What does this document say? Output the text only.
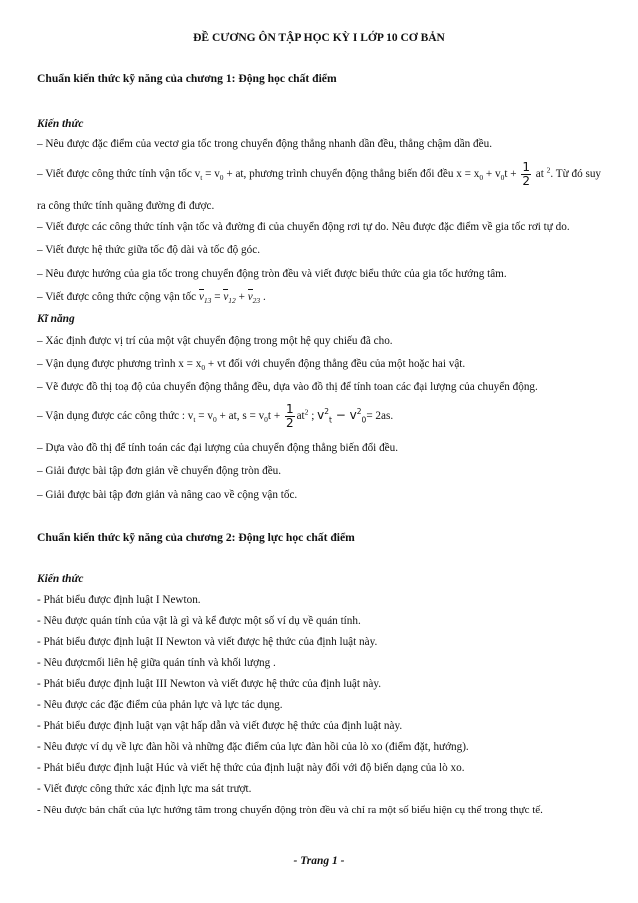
ĐỀ CƯƠNG ÔN TẬP HỌC KỲ I LỚP 10 CƠ BẢN
Chuẩn kiến thức kỹ năng của chương 1: Động học chất điểm
Kiến thức
– Nêu được đặc điểm của vectơ gia tốc trong chuyển động thẳng nhanh dần đều, thẳng chậm dần đều.
– Viết được công thức tính vận tốc $v_t = v_0$ + at, phương trình chuyển động thẳng biến đổi đều $x = x_0 + v_0t + \frac{1}{2}$ at $^2$. Từ đó suy
ra công thức tính quãng đường đi được.
– Viết được các công thức tính vận tốc và đường đi của chuyển động rơi tự do. Nêu được đặc điểm về gia tốc rơi tự do.
– Viết được hệ thức giữa tốc độ dài và tốc độ góc.
– Nêu được hướng của gia tốc trong chuyển động tròn đều và viết được biểu thức của gia tốc hướng tâm.
– Viết được công thức cộng vận tốc $v_{13} = v_{12} + v_{23}$ .
Kĩ năng
– Xác định được vị trí của một vật chuyển động trong một hệ quy chiếu đã cho.
– Vận dụng được phương trình $x = x_0$ + vt đối với chuyển động thẳng đều của một hoặc hai vật.
– Vẽ được đồ thị toạ độ của chuyển động thẳng đều, dựa vào đồ thị để tính toan các đại lượng của chuyển động.
– Vận dụng được các công thức : $v_t = v_0$ + at, $s = v_0t + \frac{1}{2} at^2$ ; $v^2_t - v^2_0= 2as$.
– Dựa vào đồ thị để tính toán các đại lượng của chuyển động thẳng biến đổi đều.
– Giải được bài tập đơn giản về chuyển động tròn đều.
– Giải được bài tập đơn giản và nâng cao về cộng vận tốc.
Chuẩn kiến thức kỹ năng của chương 2: Động lực học chất điểm
Kiến thức
- Phát biểu được định luật I Newton.
- Nêu được quán tính của vật là gì và kể được một số ví dụ về quán tính.
- Phát biểu được định luật II Newton và viết được hệ thức của định luật này.
- Nêu đượcmối liên hệ giữa quán tính và khối lượng .
- Phát biểu được định luật III Newton và viết được hệ thức của định luật này.
- Nêu được các đặc điểm của phản lực và lực tác dụng.
- Phát biểu được định luật vạn vật hấp dẫn và viết được hệ thức của định luật này.
- Nêu được ví dụ về lực đàn hồi và những đặc điểm của lực đàn hồi của lò xo (điểm đặt, hướng).
- Phát biểu được định luật Húc và viết hệ thức của định luật này đối với độ biến dạng của lò xo.
- Viết được công thức xác định lực ma sát trượt.
- Nêu được bản chất của lực hướng tâm trong chuyển động tròn đều và chỉ ra một số biểu hiện cụ thể trong thực tế.
- Trang 1 -
